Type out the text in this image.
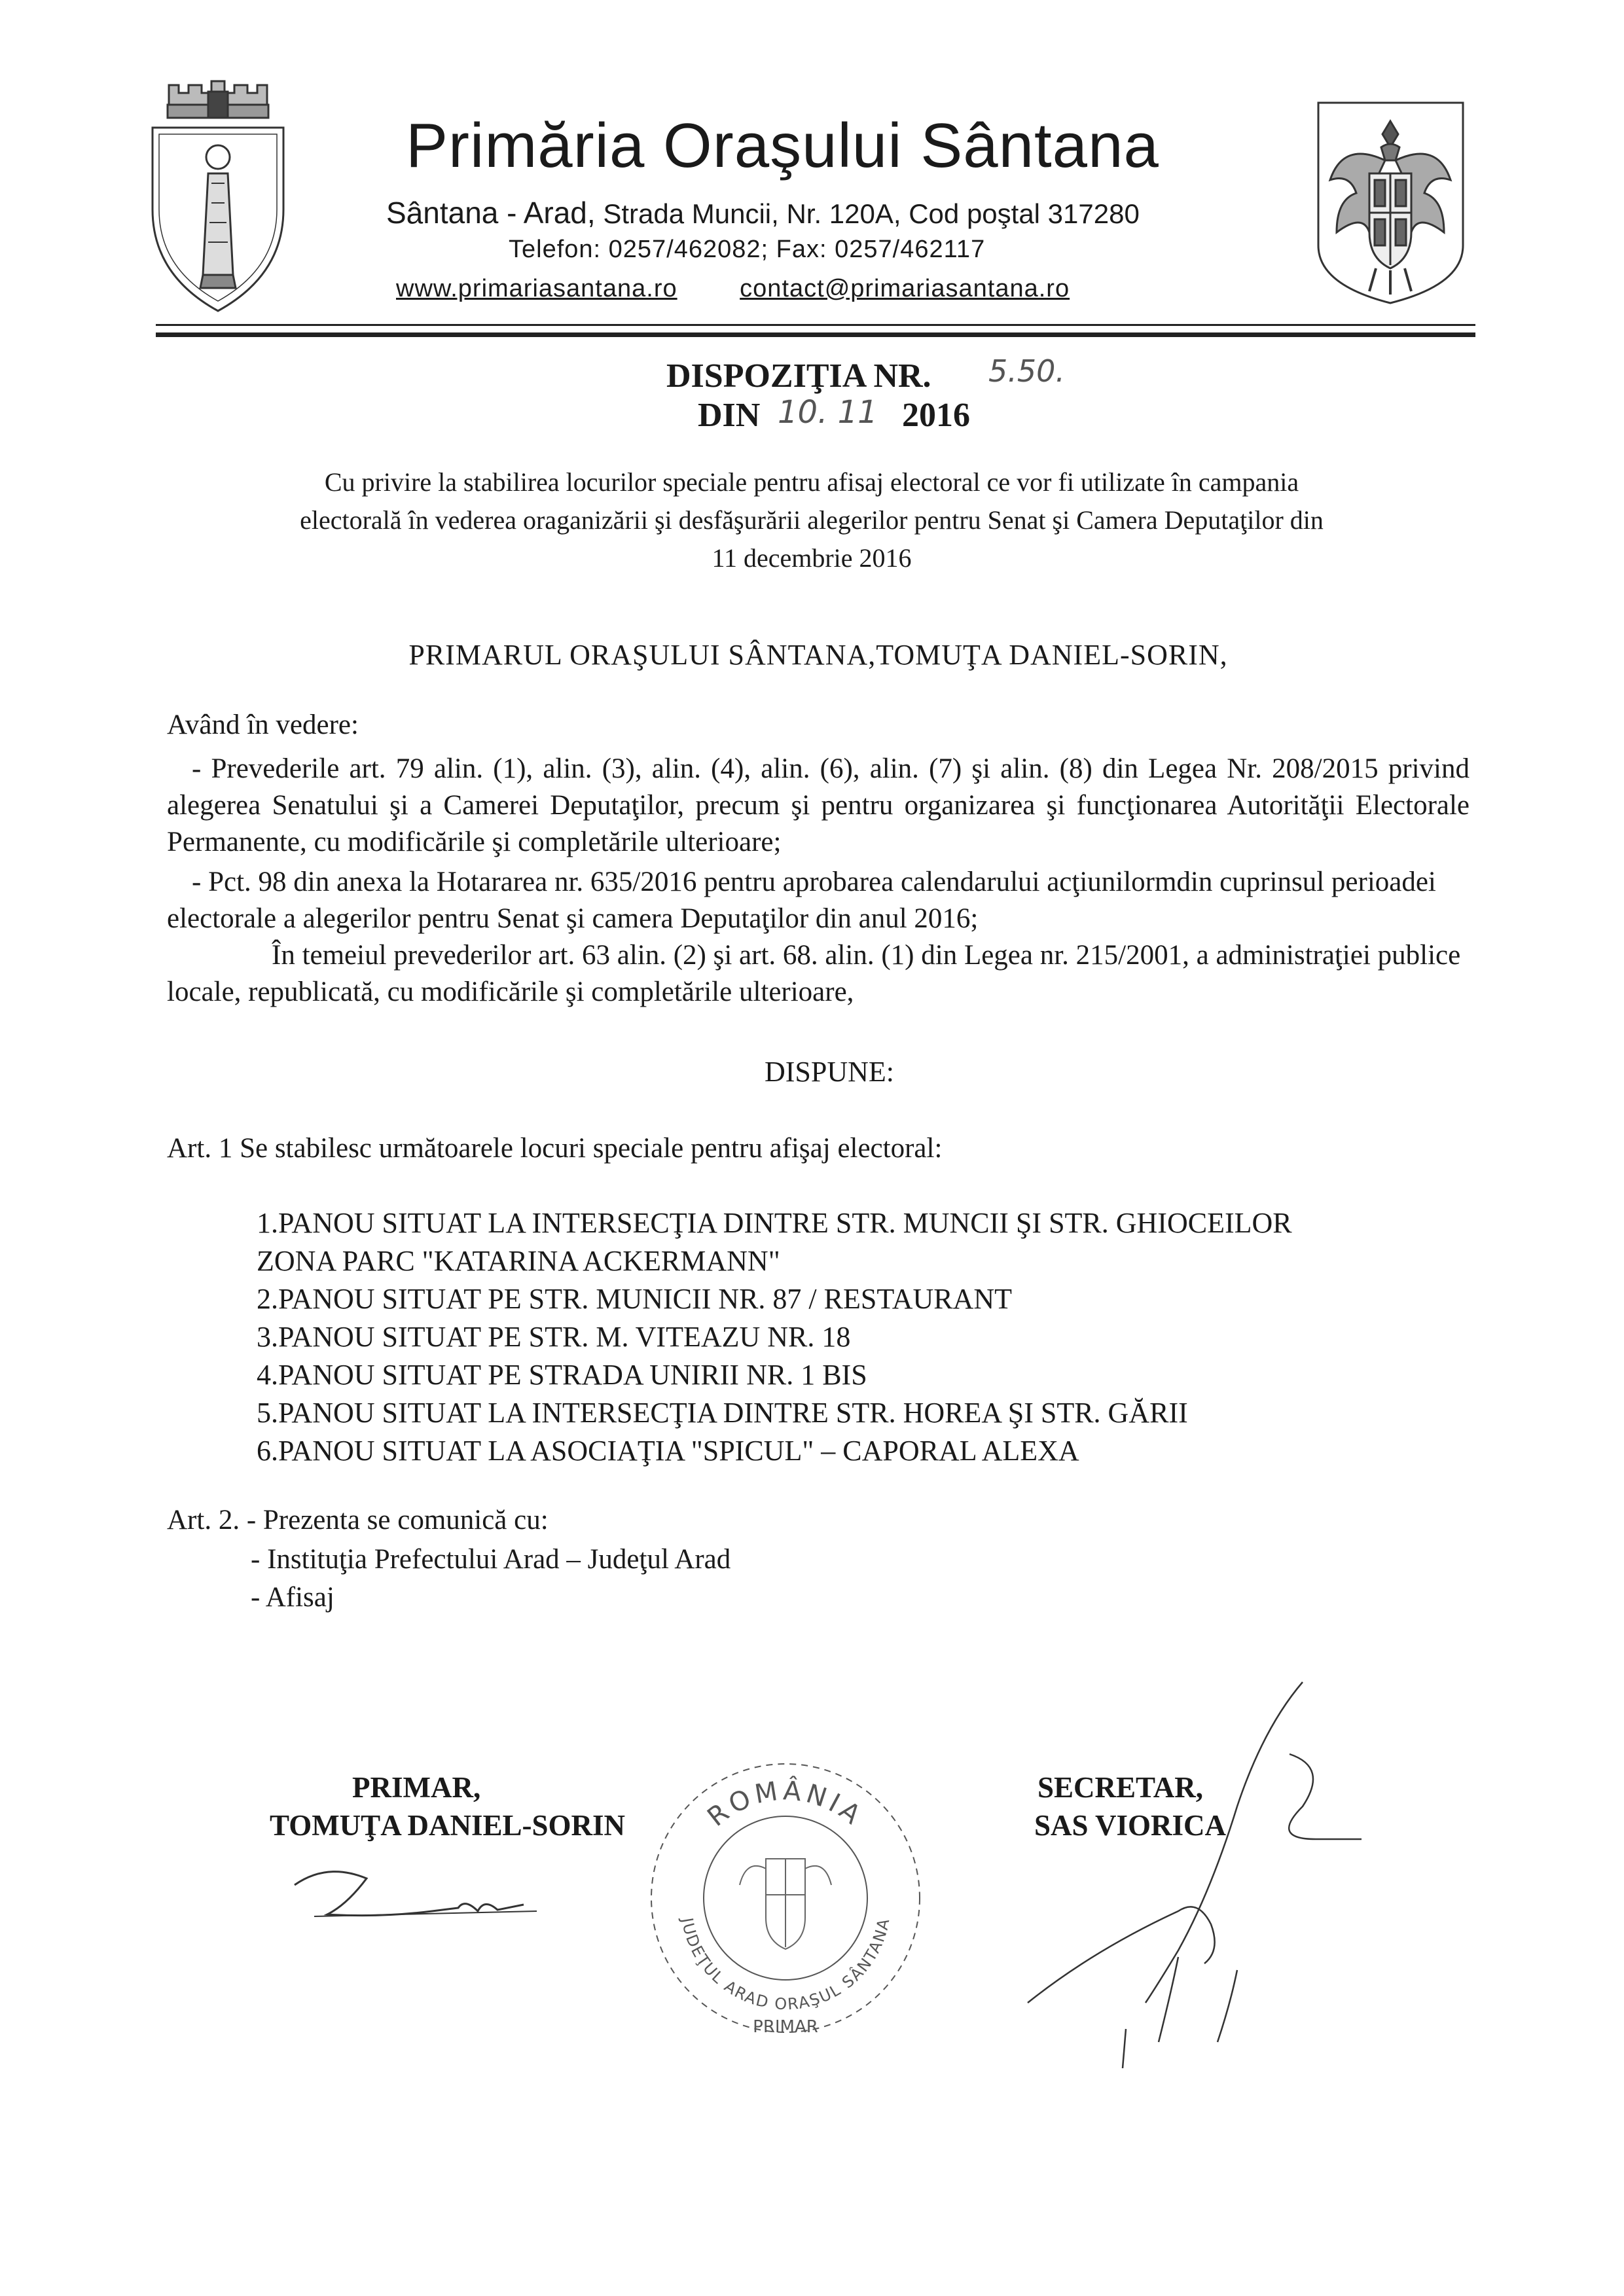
Primăria Oraşului Sântana
Sântana - Arad, Strada Muncii, Nr. 120A, Cod poştal 317280
Telefon: 0257/462082; Fax: 0257/462117
www.primariasantana.ro	contact@primariasantana.ro
DISPOZIŢIA NR. 5.50.
DIN 10. 11 2016
Cu privire la stabilirea locurilor speciale pentru afisaj electoral ce vor fi utilizate în campania electorală în vederea oraganizării şi desfăşurării alegerilor pentru Senat şi Camera Deputaţilor din 11 decembrie 2016
PRIMARUL ORAŞULUI SÂNTANA,TOMUŢA DANIEL-SORIN,
Având în vedere:
- Prevederile art. 79 alin. (1), alin. (3), alin. (4), alin. (6), alin. (7) şi alin. (8) din Legea Nr. 208/2015 privind alegerea Senatului şi a Camerei Deputaţilor, precum şi pentru organizarea şi funcţionarea Autorităţii Electorale Permanente, cu modificările şi completările ulterioare;
- Pct. 98 din anexa la Hotararea nr. 635/2016 pentru aprobarea calendarului acţiunilormdin cuprinsul perioadei electorale a alegerilor pentru Senat şi camera Deputaţilor din anul 2016;
În temeiul prevederilor art. 63 alin. (2) şi art. 68. alin. (1) din Legea nr. 215/2001, a administraţiei publice locale, republicată, cu modificările şi completările ulterioare,
DISPUNE:
Art. 1 Se stabilesc următoarele locuri speciale pentru afişaj electoral:
1.PANOU SITUAT LA INTERSECŢIA DINTRE STR. MUNCII ŞI STR. GHIOCEILOR
ZONA PARC "KATARINA ACKERMANN"
2.PANOU SITUAT PE STR. MUNICII NR. 87 / RESTAURANT
3.PANOU SITUAT PE STR. M. VITEAZU NR. 18
4.PANOU SITUAT PE STRADA UNIRII NR. 1 BIS
5.PANOU SITUAT LA INTERSECŢIA DINTRE STR. HOREA ŞI STR. GĂRII
6.PANOU SITUAT LA ASOCIAŢIA "SPICUL" – CAPORAL ALEXA
Art. 2. - Prezenta se comunică cu:
- Instituţia Prefectului Arad – Judeţul Arad
- Afisaj
PRIMAR,
TOMUŢA DANIEL-SORIN
SECRETAR,
SAS VIORICA
ROMÂNIA
JUDEŢUL ARAD ORAŞUL SÂNTANA
PRIMAR
